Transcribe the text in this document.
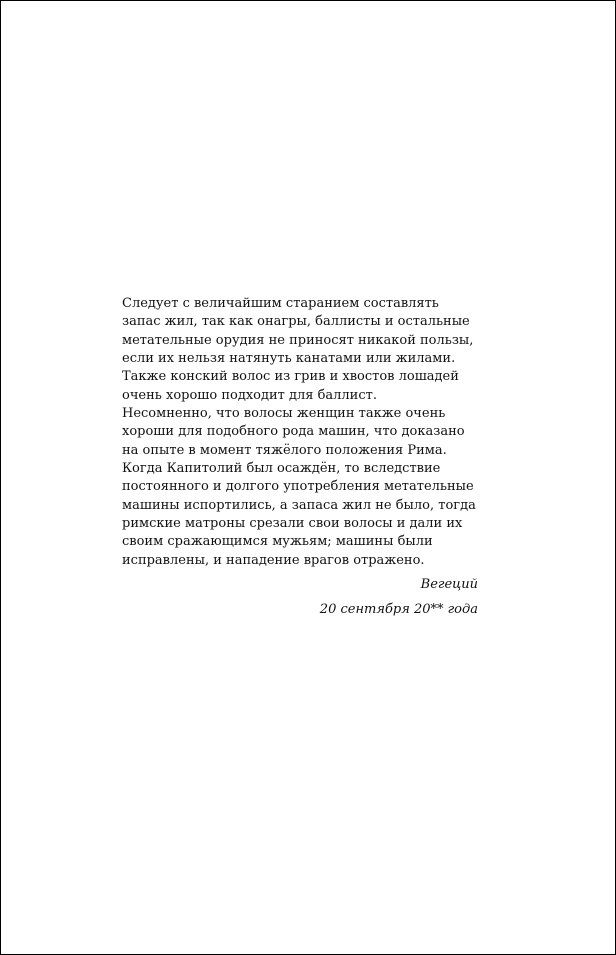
Следует с величайшим старанием составлять
запас жил, так как онагры, баллисты и остальные
метательные орудия не приносят никакой пользы,
если их нельзя натянуть канатами или жилами.
Также конский волос из грив и хвостов лошадей
очень хорошо подходит для баллист.
Несомненно, что волосы женщин также очень
хороши для подобного рода машин, что доказано
на опыте в момент тяжёлого положения Рима.
Когда Капитолий был осаждён, то вследствие
постоянного и долгого употребления метательные
машины испортились, а запаса жил не было, тогда
римские матроны срезали свои волосы и дали их
своим сражающимся мужьям; машины были
исправлены, и нападение врагов отражено.

Вегеций

20 сентября 20** года
